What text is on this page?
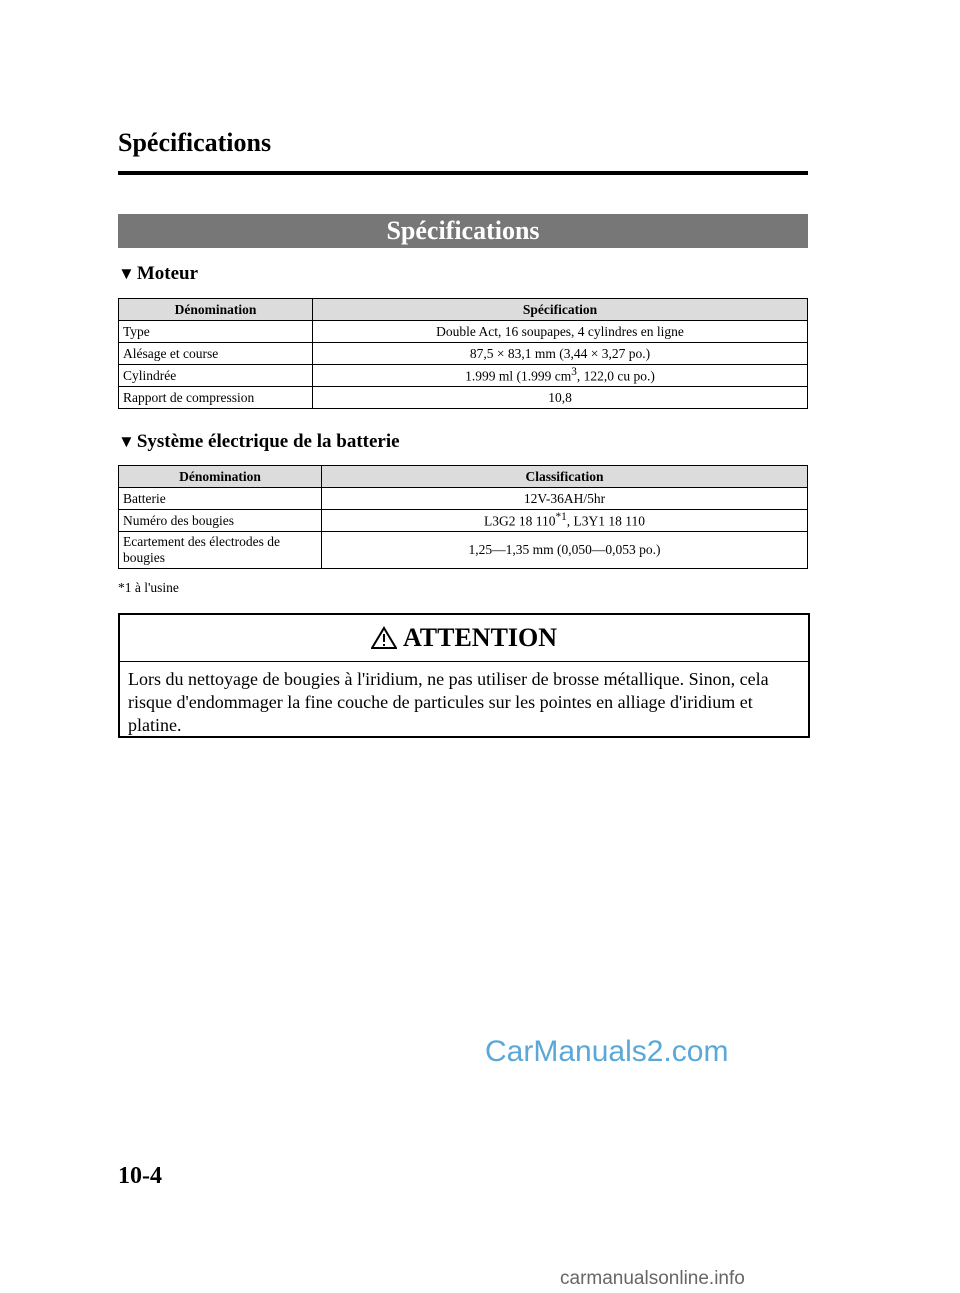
Spécifications
Spécifications
▼ Moteur
Dénomination	Spécification
Type	Double Act, 16 soupapes, 4 cylindres en ligne
Alésage et course	87,5 × 83,1 mm (3,44 × 3,27 po.)
Cylindrée	1.999 ml (1.999 $cm^3$, 122,0 cu po.)
Rapport de compression	10,8
▼ Système électrique de la batterie
Dénomination	Classification
Batterie	12V-36AH/5hr
Numéro des bougies	L3G2 18 110$^{*1}$, L3Y1 18 110
Ecartement des électrodes de bougies	1,25―1,35 mm (0,050―0,053 po.)
*1 à l'usine
ATTENTION
Lors du nettoyage de bougies à l'iridium, ne pas utiliser de brosse métallique. Sinon, cela risque d'endommager la fine couche de particules sur les pointes en alliage d'iridium et platine.
CarManuals2.com
10-4
carmanualsonline.info
